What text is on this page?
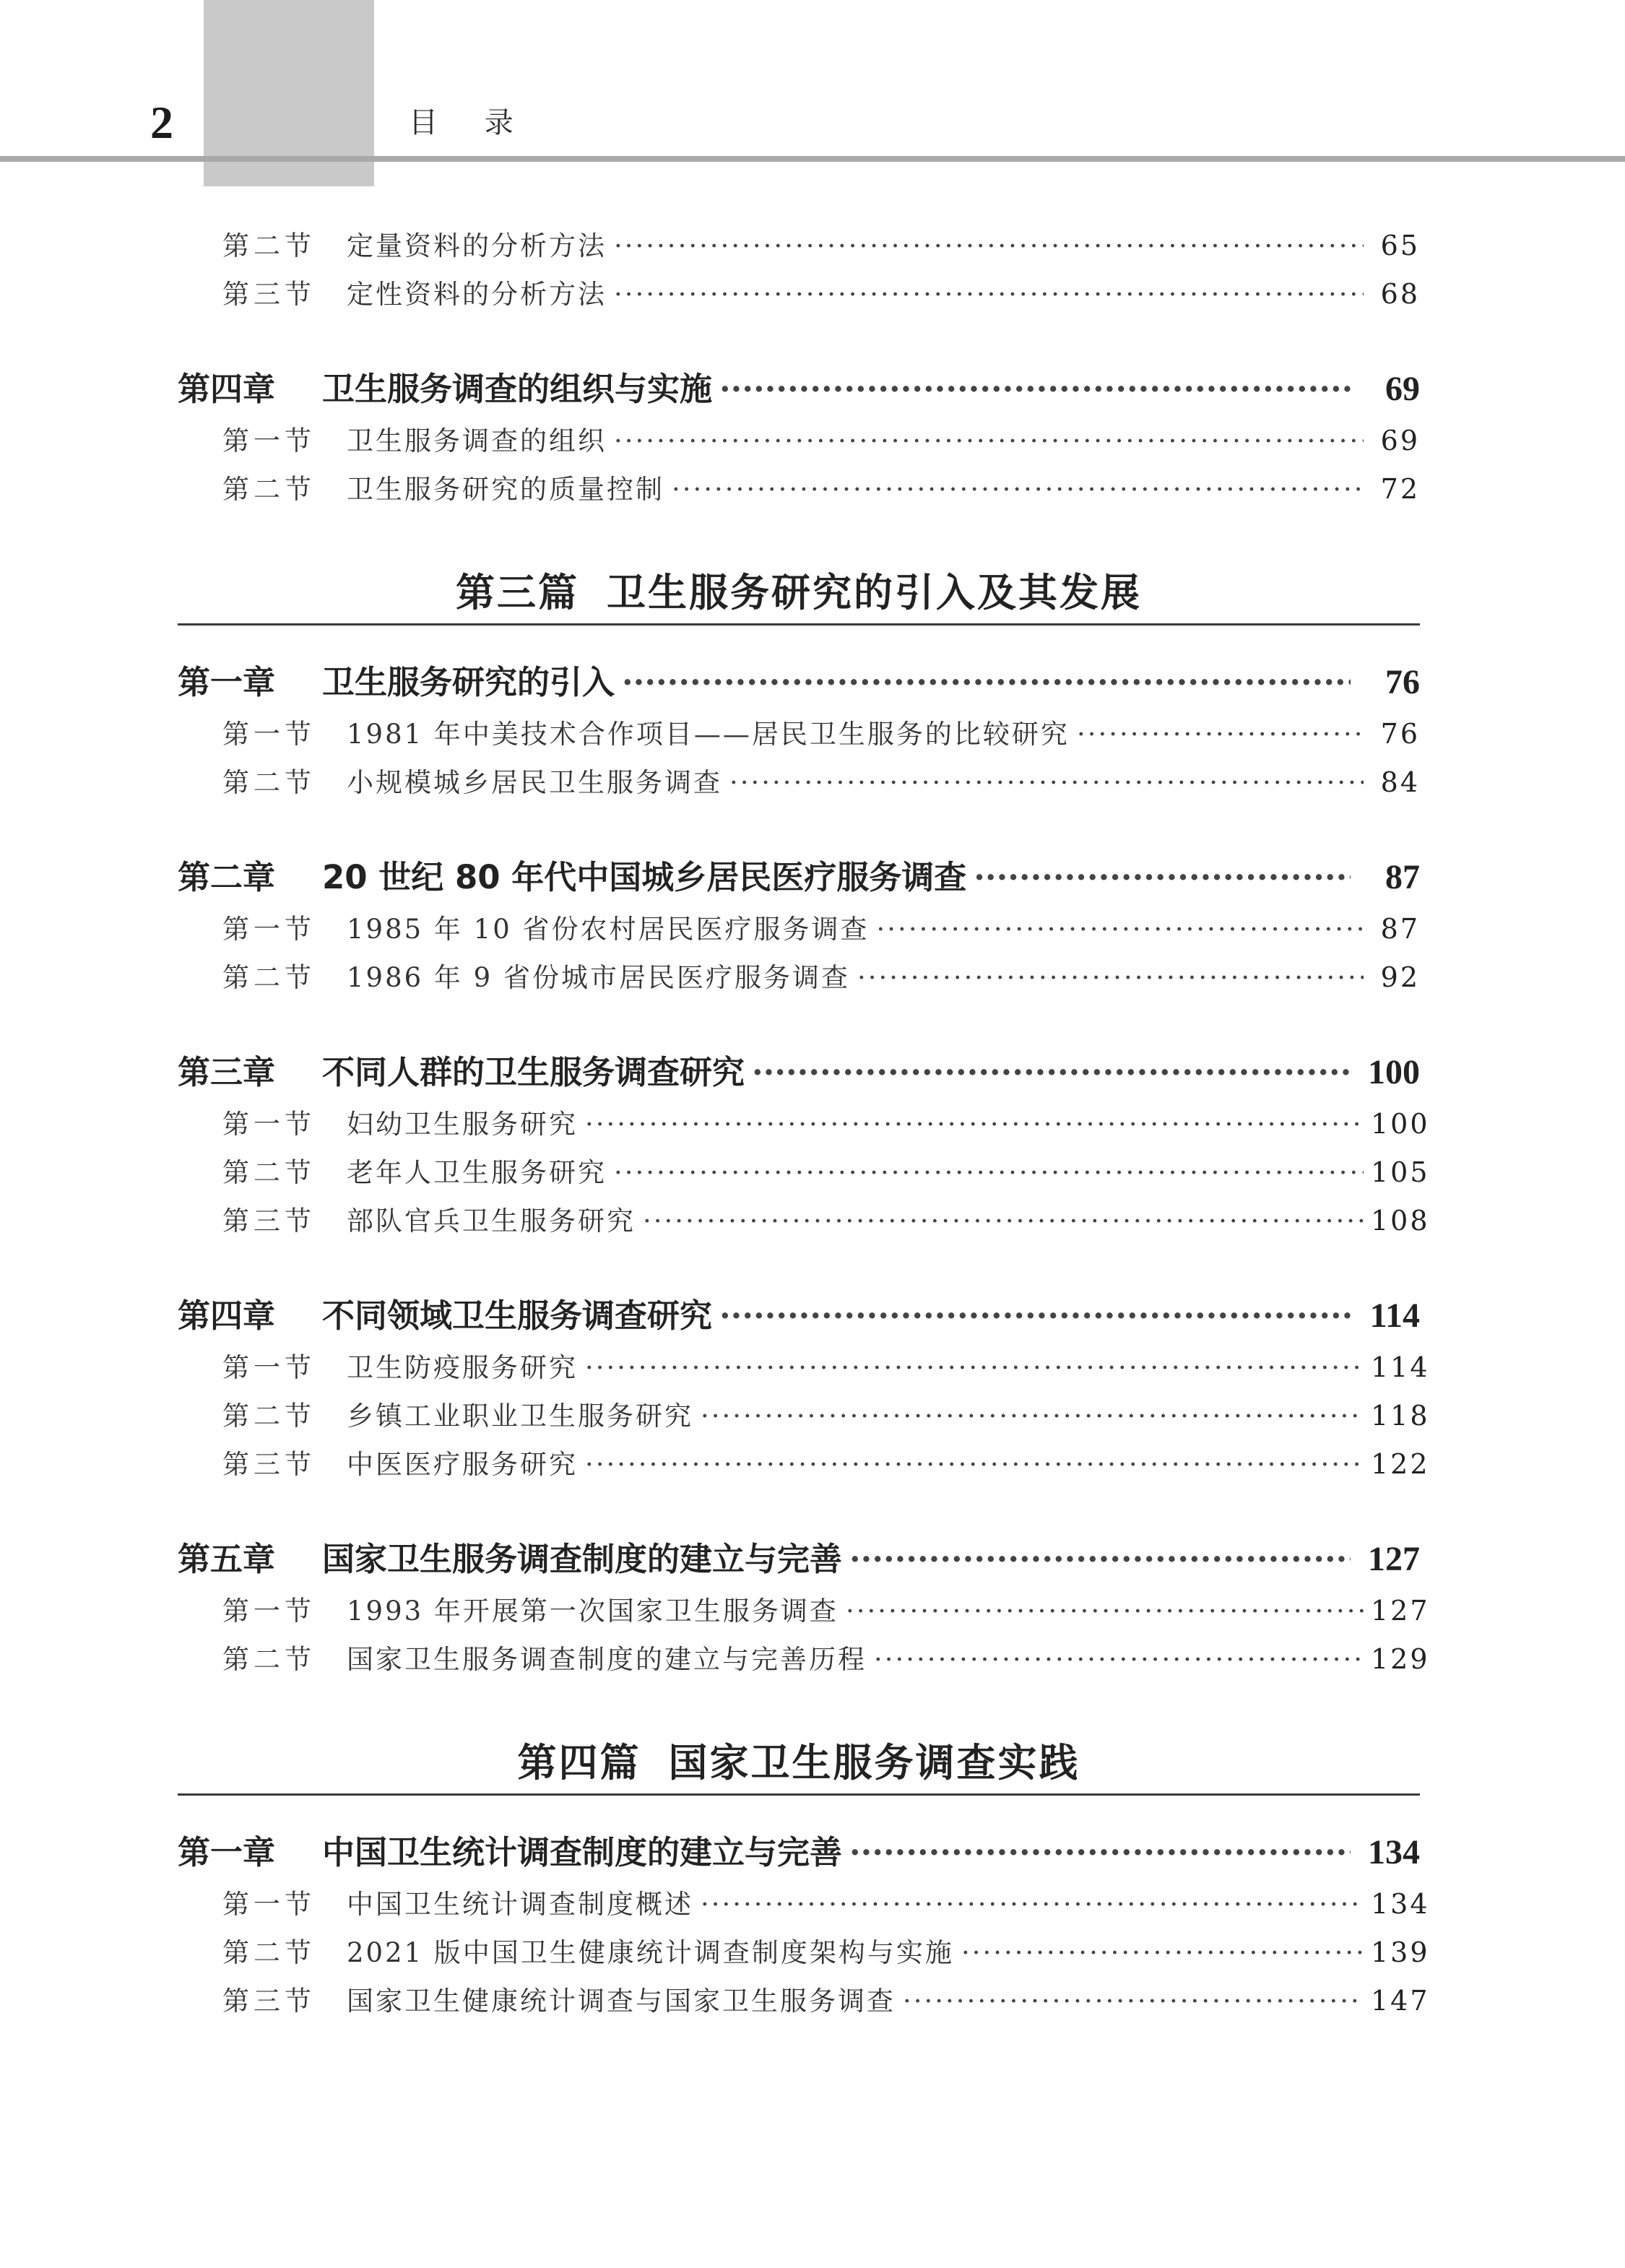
2	目 录
第二节	定量资料的分析方法 ·····	65
第三节	定性资料的分析方法 ·····	68
第四章	卫生服务调查的组织与实施 ·····	69
第一节	卫生服务调查的组织 ·····	69
第二节	卫生服务研究的质量控制 ·····	72
第三篇 卫生服务研究的引入及其发展
第一章	卫生服务研究的引入 ·····	76
第一节	1981 年中美技术合作项目——居民卫生服务的比较研究 ·····	76
第二节	小规模城乡居民卫生服务调查 ·····	84
第二章	20 世纪 80 年代中国城乡居民医疗服务调查 ·····	87
第一节	1985 年 10 省份农村居民医疗服务调查 ·····	87
第二节	1986 年 9 省份城市居民医疗服务调查 ·····	92
第三章	不同人群的卫生服务调查研究 ·····	100
第一节	妇幼卫生服务研究 ·····	100
第二节	老年人卫生服务研究 ·····	105
第三节	部队官兵卫生服务研究 ·····	108
第四章	不同领域卫生服务调查研究 ·····	114
第一节	卫生防疫服务研究 ·····	114
第二节	乡镇工业职业卫生服务研究 ·····	118
第三节	中医医疗服务研究 ·····	122
第五章	国家卫生服务调查制度的建立与完善 ·····	127
第一节	1993 年开展第一次国家卫生服务调查 ·····	127
第二节	国家卫生服务调查制度的建立与完善历程 ·····	129
第四篇 国家卫生服务调查实践
第一章	中国卫生统计调查制度的建立与完善 ·····	134
第一节	中国卫生统计调查制度概述 ·····	134
第二节	2021 版中国卫生健康统计调查制度架构与实施 ·····	139
第三节	国家卫生健康统计调查与国家卫生服务调查 ·····	147
